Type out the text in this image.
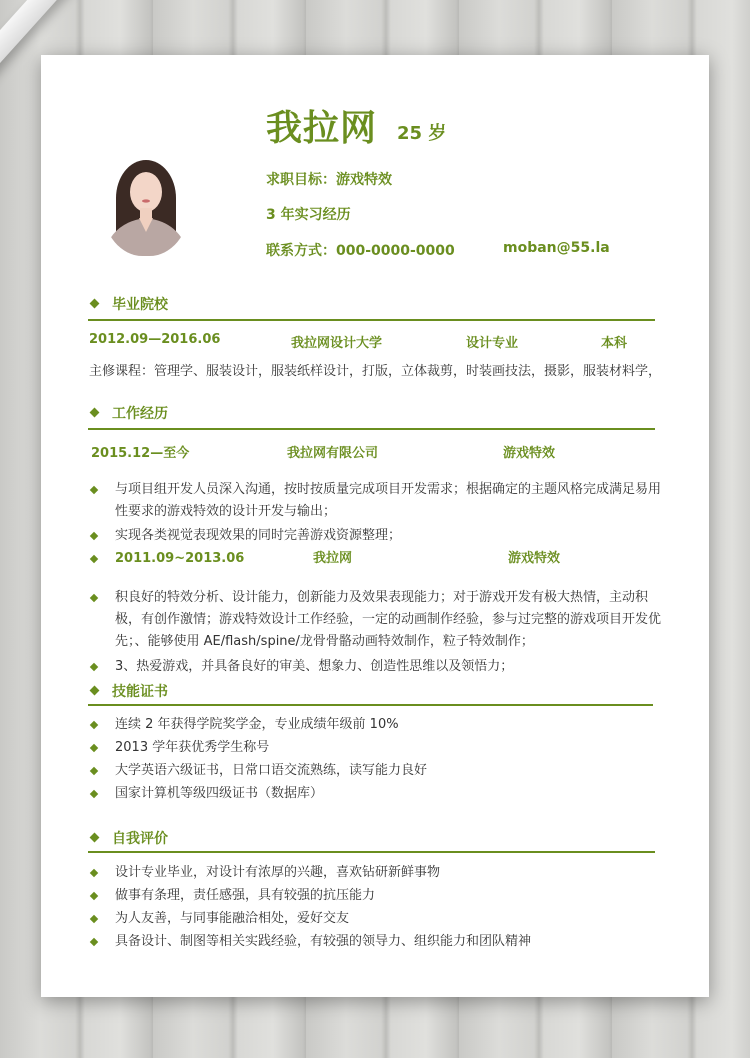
我拉网 25 岁
求职目标：游戏特效
3 年实习经历
联系方式：000-0000-0000	moban@55.la
毕业院校
2012.09—2016.06	我拉网设计大学	设计专业	本科
主修课程：管理学、服装设计，服装纸样设计，打版，立体裁剪，时装画技法，摄影，服装材料学，
工作经历
2015.12—至今	我拉网有限公司	游戏特效
与项目组开发人员深入沟通，按时按质量完成项目开发需求；根据确定的主题风格完成满足易用性要求的游戏特效的设计开发与输出；
实现各类视觉表现效果的同时完善游戏资源整理；
2011.09~2013.06	我拉网	游戏特效
积良好的特效分析、设计能力，创新能力及效果表现能力；对于游戏开发有极大热情，主动积极，有创作激情；游戏特效设计工作经验，一定的动画制作经验，参与过完整的游戏项目开发优先；、能够使用 AE/flash/spine/龙骨骨骼动画特效制作，粒子特效制作；
3、热爱游戏，并具备良好的审美、想象力、创造性思维以及领悟力；
技能证书
连续 2 年获得学院奖学金，专业成绩年级前 10%
2013 学年获优秀学生称号
大学英语六级证书，日常口语交流熟练，读写能力良好
国家计算机等级四级证书（数据库）
自我评价
设计专业毕业，对设计有浓厚的兴趣，喜欢钻研新鲜事物
做事有条理，责任感强，具有较强的抗压能力
为人友善，与同事能融洽相处，爱好交友
具备设计、制图等相关实践经验，有较强的领导力、组织能力和团队精神
